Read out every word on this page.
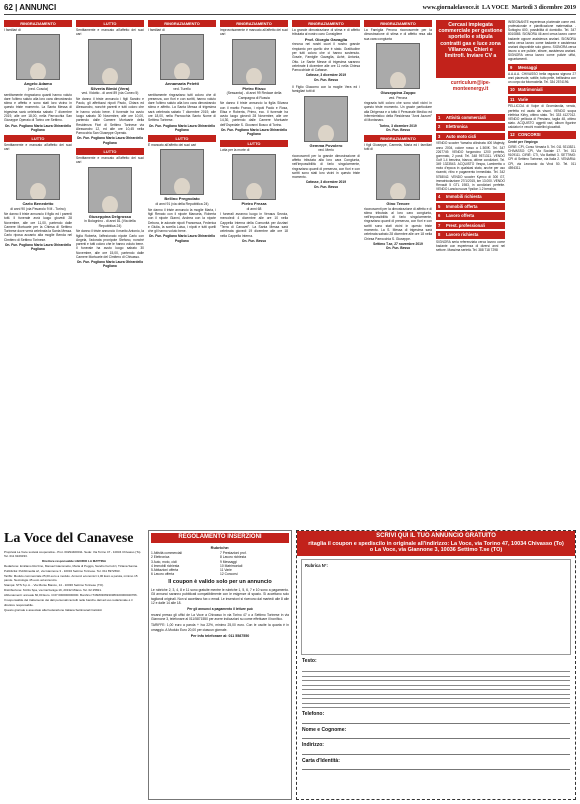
62 | ANNUNCI	www.giornalelavoce.it LA VOCE Martedì 3 dicembre 2019
RINGRAZIAMENTO
I familiari di
Angelo Adamo
(ved. Coscia)
sentitamente ringraziano quanti hanno voluto dare l'ultimo saluto alla loro cara dimostrando stima e affetto e sono stati loro vicino in questo triste momento. La Santa Messa di trigesima sarà celebrata sabato 7 dicembre 2019, alle ore 18,00, nella Parrocchia San Giuseppe Operaio di Torino ore Settimo.
On. Fun. Pogliano Mario Laura Ghirardello Pogliano
LUTTO
Sentitamente e mancato all'affetto dei suoi cari
Carlo Benedetto
di anni 90 (via Pavarolo 9 M - Torino)
Ne danno il triste annuncio il figlio ed i parenti tutti. Il funerale avrà luogo giovedì 28 Novembre, alle ore 11,00, partendo dalle Camere Mortuarie per la Chiesa di Settimo Torinese dove verrà celebrata la Santa Messa. Carlo riposa accanto alla moglie Benda nel Cimitero di Settimo Torinese.
On. Fun. Pogliano Mario Laura Ghirardello Pogliano
LUTTO
Sentitamente e mancato all'affetto dei suoi cari
Silveria Bimbi (Vera)
ved. Vidotto - di anni 89 (via Cuneo 5)
Ne danno il triste annuncio i figli Sandro e Paolo, gli affettuosi nipoti Paolo, Chiara ed Alessandro, nonché parenti e tutti coloro che le hanno voluto bene. Il funerale ha avuto luogo sabato 30 Novembre, alle ore 10,00, partendo dalle Camere Mortuarie della Residenza Fiori di Settimo Torinese via Alessandro 12, ed alle ore 10,45 nella Parrocchia San Giuseppe Operaio.
On. Fun. Pogliano Mario Laura Ghirardello Pogliano
LUTTO
Sentitamente e mancato all'affetto dei suoi cari
Giuseppina Delgrosso
in Bolognino - di anni 81 (Via della Repubblica 24)
Ne danno il triste annuncio il marito Antonio, la figlia Roberta, l'affezionato nipote Carlo con Angela, l'adorata pronipote Stefano, nonché parenti e tutti coloro che le hanno voluto bene. Il funerale ha avuto luogo sabato 30 Novembre, alle ore 15,00, partendo dalle Camere Mortuarie del Cimitero di Chivasso.
On. Fun. Pogliano Mario Laura Ghirardello Pogliano
RINGRAZIAMENTO
I familiari di
Annamaria Peletti
ved. Turello
sentitamente ringraziano tutti coloro che di presenza, con fiori e con scritti, hanno voluto dare l'ultimo saluto alla loro cara dimostrando stima e affetto. La Santa Messa di trigesima sarà celebrata sabato 7 dicembre 2019, alle ore 18,00, nella Parrocchia Santo Nome di Settimo Torinese.
On. Fun. Pogliano Mario Laura Ghirardello Pogliano
LUTTO
È mancato all'affetto dei suoi cari
Bellino Pregnolato
di anni 91 (via della Repubblica 24)
Ne danno il triste annuncio la moglie Maria, i figli Renato con il nipote Manuela, Roberta con il nipote Gianni, Andrea con la nipote Debora, le adorate nipoti Francesca, Federica e Giulia, la sorella Luisa, i nipoti e tutti quelli che gli hanno voluto bene.
On. Fun. Pogliano Mario Laura Ghirardello Pogliano
RINGRAZIAMENTO
Improvvisamente è mancato all'affetto dei suoi cari
Pietro Risso
(Sessanta) - di anni 99 Redace della Campagna di Russia
Ne danno il triste annuncio la figlia Silvana con il marito Franco, i nipoti Paolo e Rosa, Elisa e Roberta, Primo, ecc. Il funerale ha avuto luogo giovedì 28 Novembre, alle ore 14,30, partendo dalle Camere Mortuarie dell'Ospedale S. Giovanni Bosco di Torino.
On. Fun. Pogliano Mario Laura Ghirardello Pogliano
LUTTO
Lotta per la morte di
Pietro Frezza
di anni 68
I funerali avranno luogo in Venaus Sevoia, mercoledì 4 dicembre alle ore 10 nella Cappella Interna della Comunità per Anziani "Terra di Canavei". La Santa Messa sarà celebrata giovedì 19 dicembre alle ore 18 nella Cappella Interna.
On. Fun. Besso
RINGRAZIAMENTO
La grande dimostrazione di stima e di affetto tributata al nostro caro Consigliere
Prof. Giorgio Gavaglia
rinnova nei nostri cuori il nostro grande rimpianto per quello che è stato. Gratitudine per tutti coloro che ci hanno sostenuto. Grazie, Famiglie Gavaglia, Achè, Antonia, Otto. Le Sante Messe di trigesima saranno celebrate il dicembre alle ore 11 nella Chiesa Parrocchiale di Cafasse.
Cafasse, 3 dicembre 2019
On. Fun. Besso
Il Figlio Giacomo con la moglie Vera ed i famigliari tutti di
Gemma Povolero
ved. Merlo
riconoscenti per la grande dimostrazione di affetto tributata alla loro cara Congiunta, nell'impossibilità di farlo singolarmente, ringraziano quanti di presenza, con fiori e con scritti sono stati loro vicini in questo triste momento.
Cafasse, 3 dicembre 2019
On. Fun. Besso
RINGRAZIAMENTO
La Famiglia Perona riconoscente per la dimostrazione di stima e di affetto resa alla sua cara congiunta
Giuseppina Zoppo
ved. Perona
ringrazia tutti coloro che sono stati vicini in questo triste momento. Un grazie particolare alla Dirigenza e a tutto il Personale Medico ed Infermieristico della Residenza "Anni Azzurri" di Montanaro.
Torino, 3 dicembre 2019
On. Fun. Besso
RINGRAZIAMENTO
I figli Giuseppe, Carmela, Maria ed i familiari tutti di
Gino Tenore
riconoscenti per la dimostrazione di affetto e di stima tributata al loro caro congiunto, nell'impossibilità di farlo singolarmente, ringraziano quanti di presenza, con fiori e con scritti sono stati vicini in questo triste momento. La S. Messa di trigesima sarà celebrata sabato 28 dicembre alle ore 18 nella Chiesa Parrocchia S. Giuseppe.
Settimo T.se, 27 novembre 2019
On. Fun. Besso
Cercasi impiegata commerciale per gestione sportello e stipula contratti gas e luce zona Villanova, Chieri e limitrofi. Inviare CV a
curriculum@ipe-monteenergy.it
1 Attività commerciali
2 Elettronica
3 Auto moto cicli

VENDO scooter Yamaha cilindrata 400 Majesty, anno 2004, colore rosso a 1.500€. Tel. 347 2267749. VENDO furgoncino 1200 perfetto, gommato, 2 posti. Tel. 348 9571311. VENDO Golf 1.4 benzina, bianca, ottime condizioni. Tel. 349 1323543. ACQUISTO Vespa, Lambretta o moto d'epoca in qualsiasi stato, anche per uso ricambi, ritiro e pagamento immediato. Tel. 342 5758042. VENDO scooter Kymco di 300 GT, immatricolazione 27/1/2015, km 13.000. VENDO Renault 5 GTL 1983, in condizioni perfette. VENDO Lancia nuova Ypsilon 1.2 benzina.

4 Immobili richiesta
5 Immobili offerta
6 Lavoro offerta
7 Prest. professionali
8 Lavoro richiesta

SIGNORA seria referenziata cerca lavoro come badante con esperienza di diversi anni nel settore. Massima serietà. Tel. 388 718 7298

INSEGNANTE esperienza plurienale come ved. professionale e pianificazione matematica - Sottogiro 600, possibilità di domicilio. Tel. 347 8010865. SIGNORA 46 anni cerca lavoro come badante oppure assistenza anziani. SIGNORA seria cerca lavoro come badante e assistenza anziani disponibile solo giorno. SIGNORA cerca lavoro a ore pulizie, stirare, assistenza anziani. SIGNORA cerca lavoro come pulizie uffici, appartamenti.

9 Messaggi

A.A.A.A. CHIVASSO bella ragazza signora 27 anni piacevole, sottile, tutto pelle, bellissima con un corpo da fotomodella. Tel. 334 2574196.

10 Matrimoniali
11 Varie

PELLICCIA di Volpe di Groenlandia, vendo, perfetta ed usata da visoni. VENDO scopa elettrica Kirby, ottimo stato. Tel. 333 4127012. VENDO pelliccia di Persiano, taglia 48, ottimo stato. ACQUISTO oggetti vari, album figurine calciatori e vecchi modellini giocattoli.

12 CONCORSI

Centri per l'impiego

CIRIE: CPI, Corso Venaria 5. Tel. 011 9213521. CHIVASSO: CPI, Via Sociale 17. Tel. 011 9109111. CIRIÈ: CTI, Via Battisti 3. SETTIMO: CPI di Settimo Torinese, via Italia 2. VENARIA: CPI, via Leonardo da Vinci 50. Tel. 011 4594311.

La Voce del Canavese

Proprietà La Voce società cooperativa - Prot. 00294400011. Sede: Via Torino 47 - 10034 Chivasso (To). Tel. 011 9109333.

Direttore responsabile LIBORIO LA MATTINA

Redazione: Emiliano Rozzino, Manuel Giacometto, Maria di Poggio, Sandro Ferruzzi, Tiziana Sanna.

Pubblicità: Pubblimedia srl, via Giannone 3 - 10034 Settimo Torinese. Tel. 011 8972693.

Tariffe: Modulo commerciale 25,00 euro a modulo. Annunci economici 1,00 Euro a parola, minimo 15 parole. Necrologie 45 euro ad annuncio.

Stampa: STS S.p.A. - Via Monte Bianco, 14 - 10036 Settimo Torinese (TO).

Distribuzione: M-Dis Spa, via Cazzaniga 19, 20132 Milano. Tel. 02 25821.

Abbonamenti: annuale 60,00 Euro. CCP 000000000000. Bonifico IT46M0306930380100000040766.

Il responsabile del trattamento dei dati personali raccolti nelle banche dati ad uso redazionale è il direttore responsabile.

Questo giornale è associato alla Federazione Italiana Settimanali Cattolici

REGOLAMENTO INSERZIONI
Rubriche:
1 Attività commerciali	7 Prestazioni prof.
2 Elettronica	8 Lavoro richiesta
3 Auto, moto, cicli	9 Messaggi
4 Immobili richiesta	10 Matrimoniali
5 Abitazioni offerta	11 Varie
6 Lavoro offerta	12 Concorsi
Il coupon è valido solo per un annuncio

Le rubriche 2, 3, 4, 8 e 11 sono gratuite mentre le rubriche 1, 5, 6, 7 e 10 sono a pagamento. Gli annunci saranno pubblicati compatibilmente con le esigenze di spazio. Si accettano solo tagliandi originali. Non si accettano fax o email. Le inserzioni si ricevono dal martedì alle 8 alle 12 e dalle 14 alle 18.

Per gli annunci a pagamento il letture può

recarsi presso gli uffici de La Voce a Chivasso in via Torino 47 o a Settimo Torinese in via Giannone 3, telefonare al 011/5871550 per avere indicazioni su come effettuare il bonifico.

TARIFFE: 1,00 euro a parola + Iva 22%, minimo 25,00 euro. Con le uscite la quarta è in omaggio. A Modulo Euro 20,00 per ciascun giornale.

Per info telefonare al: 011 5587550
SCRIVI QUI IL TUO ANNUNCIO GRATUITO
ritaglia il coupon e spediscilo in originale all'indirizzo: La Voce, via Torino 47, 10034 Chivasso (To)
o La Voce, via Giannone 3, 10036 Settimo T.se (TO)
Rubrica N°:
Testo:
Telefono:
Nome e Cognome:
Indirizzo:
Carta d'Identità:
